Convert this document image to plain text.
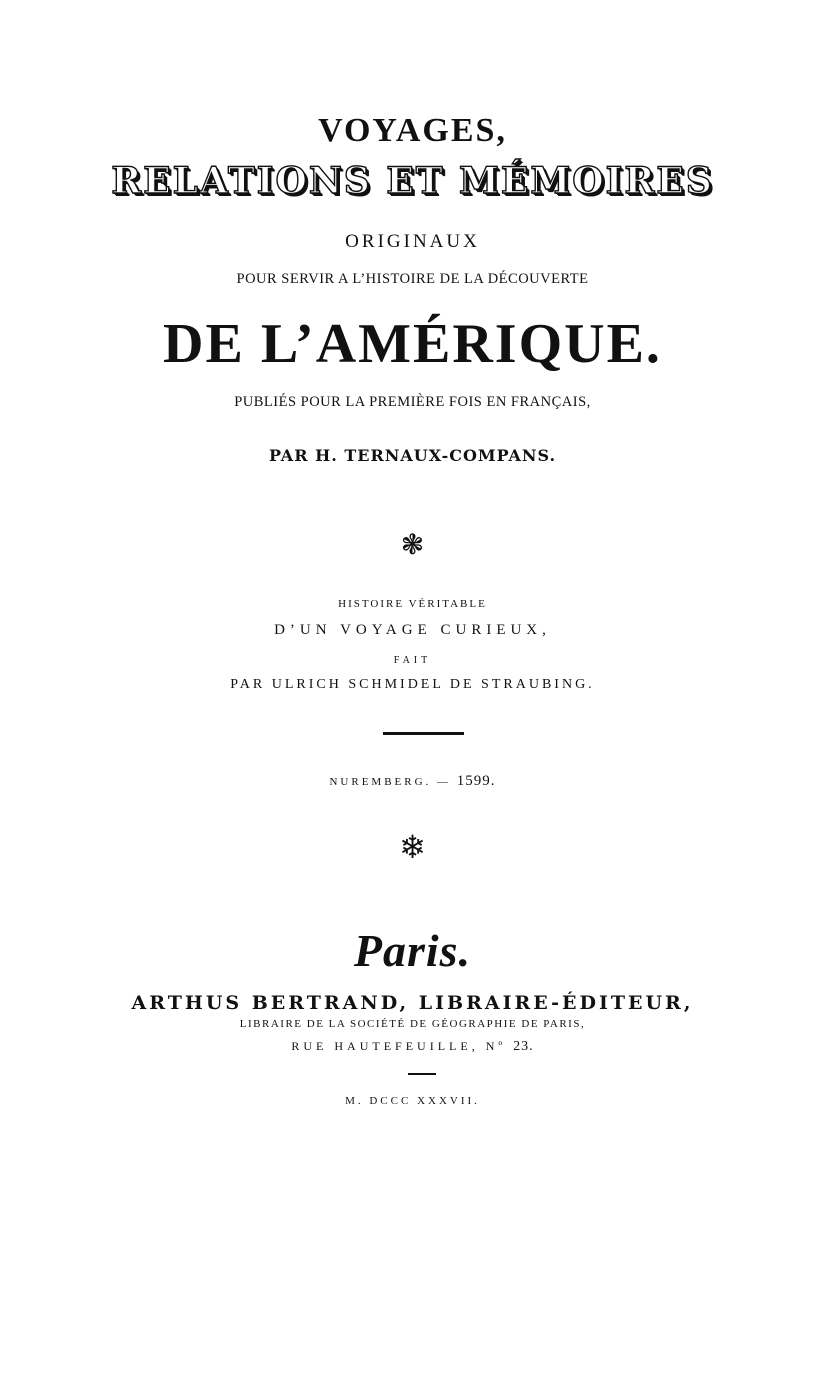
VOYAGES,
RELATIONS ET MÉMOIRES
ORIGINAUX
POUR SERVIR A L’HISTOIRE DE LA DÉCOUVERTE
DE L’AMÉRIQUE.
PUBLIÉS POUR LA PREMIÈRE FOIS EN FRANÇAIS,
PAR H. TERNAUX-COMPANS.
❃
HISTOIRE VÉRITABLE
D’UN VOYAGE CURIEUX,
FAIT
PAR ULRICH SCHMIDEL DE STRAUBING.
NUREMBERG. — 1599.
❄
Paris.
ARTHUS BERTRAND, LIBRAIRE-ÉDITEUR,
LIBRAIRE DE LA SOCIÉTÉ DE GÉOGRAPHIE DE PARIS,
RUE HAUTEFEUILLE, Nº 23.
M. DCCC XXXVII.
